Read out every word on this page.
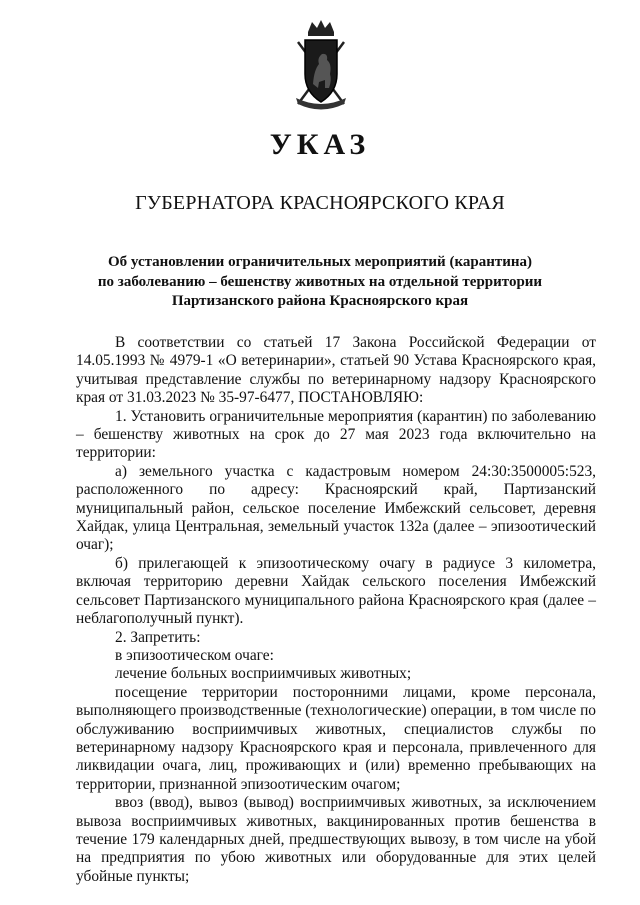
УКАЗ
ГУБЕРНАТОРА КРАСНОЯРСКОГО КРАЯ
Об установлении ограничительных мероприятий (карантина)
по заболеванию – бешенству животных на отдельной территории
Партизанского района Красноярского края

В соответствии со статьей 17 Закона Российской Федерации от 14.05.1993 № 4979-1 «О ветеринарии», статьей 90 Устава Красноярского края, учитывая представление службы по ветеринарному надзору Красноярского края от 31.03.2023 № 35-97-6477, ПОСТАНОВЛЯЮ:

1. Установить ограничительные мероприятия (карантин) по заболеванию – бешенству животных на срок до 27 мая 2023 года включительно на территории:

а) земельного участка с кадастровым номером 24:30:3500005:523, расположенного по адресу: Красноярский край, Партизанский муниципальный район, сельское поселение Имбежский сельсовет, деревня Хайдак, улица Центральная, земельный участок 132а (далее – эпизоотический очаг);

б) прилегающей к эпизоотическому очагу в радиусе 3 километра, включая территорию деревни Хайдак сельского поселения Имбежский сельсовет Партизанского муниципального района Красноярского края (далее – неблагополучный пункт).

2. Запретить:

в эпизоотическом очаге:

лечение больных восприимчивых животных;

посещение территории посторонними лицами, кроме персонала, выполняющего производственные (технологические) операции, в том числе по обслуживанию восприимчивых животных, специалистов службы по ветеринарному надзору Красноярского края и персонала, привлеченного для ликвидации очага, лиц, проживающих и (или) временно пребывающих на территории, признанной эпизоотическим очагом;

ввоз (ввод), вывоз (вывод) восприимчивых животных, за исключением вывоза восприимчивых животных, вакцинированных против бешенства в течение 179 календарных дней, предшествующих вывозу, в том числе на убой на предприятия по убою животных или оборудованные для этих целей убойные пункты;
